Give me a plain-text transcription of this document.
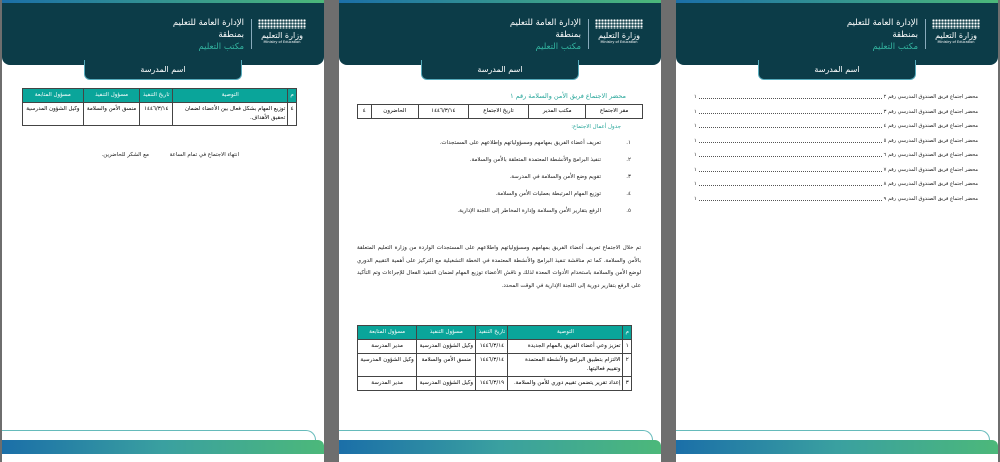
وزارة التعليم
Ministry of Education
الإدارة العامة للتعليم
بمنطقة
مكتب التعليم
اسم المدرسة
م	التوصية	تاريخ التنفيذ	مسؤول التنفيذ	مسؤول المتابعة
٤	توزيع المهام بشكل فعال بين الأعضاء لضمان تحقيق الأهداف.	١٤٤٦/٣/١٤	منسق الأمن والسلامة	وكيل الشؤون المدرسية
انتهاء الاجتماع في تمام الساعة
مع الشكر للحاضرين.
وزارة التعليم
Ministry of Education
الإدارة العامة للتعليم
بمنطقة
مكتب التعليم
اسم المدرسة
محضر الاجتماع فريق الأمن والسلامة رقم ١
مقر الاجتماع	مكتب المدير	تاريخ الاجتماع	١٤٤٦/٣/١٤	الحاضرون	٤
جدول أعمال الاجتماع:
١.تعريف أعضاء الفريق بمهامهم ومسؤولياتهم وإطلاعهم على المستجدات.
٢.تنفيذ البرامج والأنشطة المعتمدة المتعلقة بالأمن والسلامة.
٣.تقويم وضع الأمن والسلامة في المدرسة.
٤.توزيع المهام المرتبطة بعمليات الأمن والسلامة.
٥.الرفع بتقارير الأمن والسلامة وإدارة المخاطر إلى اللجنة الإدارية.
تم خلال الاجتماع تعريف أعضاء الفريق بمهامهم ومسؤولياتهم واطلاعهم على المستجدات الواردة من وزارة التعليم المتعلقة بالأمن والسلامة. كما تم مناقشة تنفيذ البرامج والأنشطة المعتمدة في الخطة التشغيلية مع التركيز على أهمية التقييم الدوري لوضع الأمن والسلامة باستخدام الأدوات المعدة لذلك و ناقش الأعضاء توزيع المهام لضمان التنفيذ الفعال للإجراءات وتم التأكيد على الرفع بتقارير دورية إلى اللجنة الإدارية في الوقت المحدد.
م	التوصية	تاريخ التنفيذ	مسؤول التنفيذ	مسؤول المتابعة
١	تعزيز وعي أعضاء الفريق بالمهام الجديدة	١٤٤٦/٣/١٤	وكيل الشؤون المدرسية	مدير المدرسة
٢	الالتزام بتطبيق البرامج والأنشطة المعتمدة وتقييم فعاليتها.	١٤٤٦/٣/١٤	منسق الأمن والسلامة	وكيل الشؤون المدرسية
٣	إعداد تقرير يتضمن تقييم دوري للأمن والسلامة.	١٤٤٦/٣/١٩	وكيل الشؤون المدرسية	مدير المدرسة
وزارة التعليم
Ministry of Education
الإدارة العامة للتعليم
بمنطقة
مكتب التعليم
اسم المدرسة
محضر اجتماع فريق الصندوق المدرسي رقم ٢
١
محضر اجتماع فريق الصندوق المدرسي رقم ٣
١
محضر اجتماع فريق الصندوق المدرسي رقم ٤
١
محضر اجتماع فريق الصندوق المدرسي رقم ٥
١
محضر اجتماع فريق الصندوق المدرسي رقم ٦
١
محضر اجتماع فريق الصندوق المدرسي رقم ٧
١
محضر اجتماع فريق الصندوق المدرسي رقم ٨
١
محضر اجتماع فريق الصندوق المدرسي رقم ٩
١
